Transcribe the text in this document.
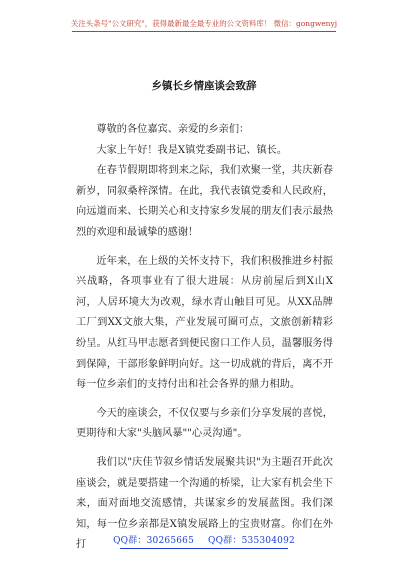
关注头条号"公文研究"，获得最新最全最专业的公文资料库！ 微信：gongwenyj
乡镇长乡情座谈会致辞

尊敬的各位嘉宾、亲爱的乡亲们：

大家上午好！我是X镇党委副书记、镇长。

在春节假期即将到来之际，我们欢聚一堂，共庆新春新岁，同叙桑梓深情。在此，我代表镇党委和人民政府，向远道而来、长期关心和支持家乡发展的朋友们表示最热烈的欢迎和最诚挚的感谢！

近年来，在上级的关怀支持下，我们积极推进乡村振兴战略，各项事业有了很大进展：从房前屋后到X山X河，人居环境大为改观，绿水青山触目可见。从XX品牌工厂到XX文旅大集，产业发展可圈可点，文旅创新精彩纷呈。从红马甲志愿者到便民窗口工作人员，温馨服务得到保障，干部形象鲜明向好。这一切成就的背后，离不开每一位乡亲们的支持付出和社会各界的鼎力相助。

今天的座谈会，不仅仅要与乡亲们分享发展的喜悦，更期待和大家"头脑风暴""心灵沟通"。

我们以"庆佳节叙乡情话发展聚共识"为主题召开此次座谈会，就是要搭建一个沟通的桥梁，让大家有机会坐下来，面对面地交流感情，共谋家乡的发展蓝图。我们深知，每一位乡亲都是X镇发展路上的宝贵财富。你们在外打	QQ群：30265665 QQ群：535304092
